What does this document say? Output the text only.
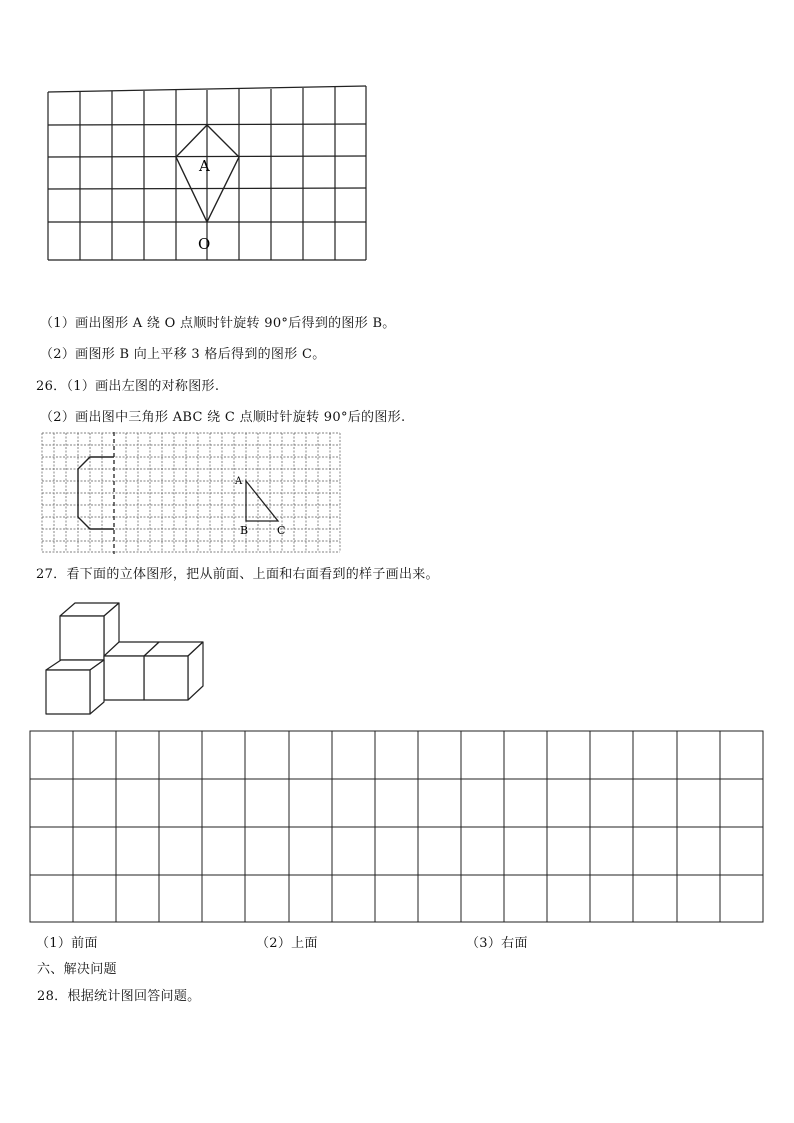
A
O
（1）画出图形 A 绕 O 点顺时针旋转 90°后得到的图形 B。
（2）画图形 B 向上平移 3 格后得到的图形 C。
26．（1）画出左图的对称图形.
（2）画出图中三角形 ABC 绕 C 点顺时针旋转 90°后的图形.
A
B	C
27．看下面的立体图形，把从前面、上面和右面看到的样子画出来。
（1）前面	（2）上面	（3）右面
六、解决问题
28．根据统计图回答问题。
